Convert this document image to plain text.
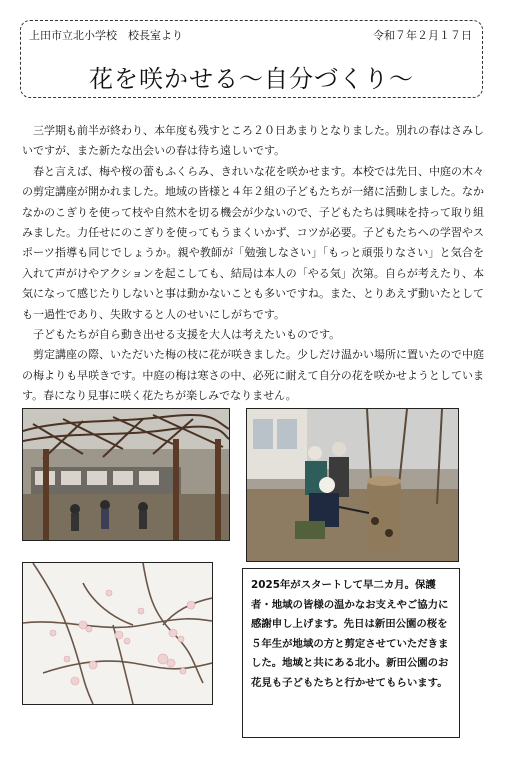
上田市立北小学校　校長室より	令和７年２月１７日
花を咲かせる～自分づくり～

三学期も前半が終わり、本年度も残すところ２０日あまりとなりました。別れの春はさみしいですが、また新たな出会いの春は待ち遠しいです。

春と言えば、梅や桜の蕾もふくらみ、きれいな花を咲かせます。本校では先日、中庭の木々の剪定講座が開かれました。地域の皆様と４年２組の子どもたちが一緒に活動しました。なかなかのこぎりを使って枝や自然木を切る機会が少ないので、子どもたちは興味を持って取り組みました。力任せにのこぎりを使ってもうまくいかず、コツが必要。子どもたちへの学習やスポーツ指導も同じでしょうか。親や教師が「勉強しなさい」「もっと頑張りなさい」と気合を入れて声がけやアクションを起こしても、結局は本人の「やる気」次第。自らが考えたり、本気になって感じたりしないと事は動かないことも多いですね。また、とりあえず動いたとしても一過性であり、失敗すると人のせいにしがちです。

子どもたちが自ら動き出せる支援を大人は考えたいものです。

剪定講座の際、いただいた梅の枝に花が咲きました。少しだけ温かい場所に置いたので中庭の梅よりも早咲きです。中庭の梅は寒さの中、必死に耐えて自分の花を咲かせようとしています。春になり見事に咲く花たちが楽しみでなりません。

2025年がスタートして早二カ月。保護者・地域の皆様の温かなお支えやご協力に感謝申し上げます。先日は新田公園の桜を５年生が地域の方と剪定させていただきました。地域と共にある北小。新田公園のお花見も子どもたちと行かせてもらいます。
